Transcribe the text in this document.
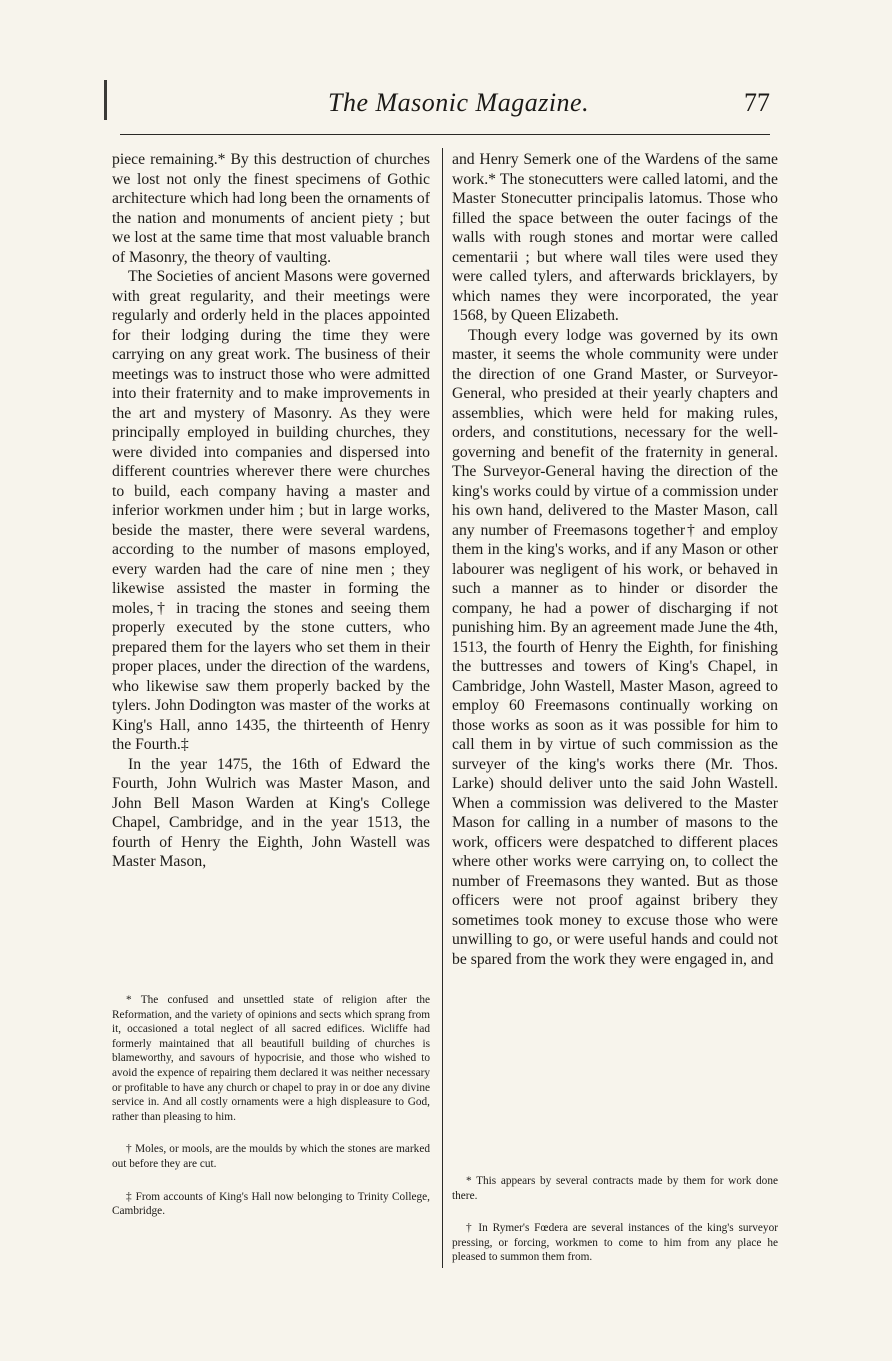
The Masonic Magazine.	77

piece remaining.* By this destruction of churches we lost not only the finest specimens of Gothic architecture which had long been the ornaments of the nation and monuments of ancient piety ; but we lost at the same time that most valuable branch of Masonry, the theory of vaulting.

The Societies of ancient Masons were governed with great regularity, and their meetings were regularly and orderly held in the places appointed for their lodging during the time they were carrying on any great work. The business of their meetings was to instruct those who were admitted into their fraternity and to make improvements in the art and mystery of Masonry. As they were principally employed in building churches, they were divided into companies and dispersed into different countries wherever there were churches to build, each company having a master and inferior workmen under him ; but in large works, beside the master, there were several wardens, according to the number of masons employed, every warden had the care of nine men ; they likewise assisted the master in forming the moles,† in tracing the stones and seeing them properly executed by the stone cutters, who prepared them for the layers who set them in their proper places, under the direction of the wardens, who likewise saw them properly backed by the tylers. John Dodington was master of the works at King's Hall, anno 1435, the thirteenth of Henry the Fourth.‡

In the year 1475, the 16th of Edward the Fourth, John Wulrich was Master Mason, and John Bell Mason Warden at King's College Chapel, Cambridge, and in the year 1513, the fourth of Henry the Eighth, John Wastell was Master Mason,

* The confused and unsettled state of religion after the Reformation, and the variety of opinions and sects which sprang from it, occasioned a total neglect of all sacred edifices. Wicliffe had formerly maintained that all beautifull building of churches is blameworthy, and savours of hypocrisie, and those who wished to avoid the expence of repairing them declared it was neither necessary or profitable to have any church or chapel to pray in or doe any divine service in. And all costly ornaments were a high displeasure to God, rather than pleasing to him.

† Moles, or mools, are the moulds by which the stones are marked out before they are cut.

‡ From accounts of King's Hall now belonging to Trinity College, Cambridge.

and Henry Semerk one of the Wardens of the same work.* The stonecutters were called latomi, and the Master Stonecutter principalis latomus. Those who filled the space between the outer facings of the walls with rough stones and mortar were called cementarii ; but where wall tiles were used they were called tylers, and afterwards bricklayers, by which names they were incorporated, the year 1568, by Queen Elizabeth.

Though every lodge was governed by its own master, it seems the whole community were under the direction of one Grand Master, or Surveyor-General, who presided at their yearly chapters and assemblies, which were held for making rules, orders, and constitutions, necessary for the well-governing and benefit of the fraternity in general. The Surveyor-General having the direction of the king's works could by virtue of a commission under his own hand, delivered to the Master Mason, call any number of Freemasons together† and employ them in the king's works, and if any Mason or other labourer was negligent of his work, or behaved in such a manner as to hinder or disorder the company, he had a power of discharging if not punishing him. By an agreement made June the 4th, 1513, the fourth of Henry the Eighth, for finishing the buttresses and towers of King's Chapel, in Cambridge, John Wastell, Master Mason, agreed to employ 60 Freemasons continually working on those works as soon as it was possible for him to call them in by virtue of such commission as the surveyer of the king's works there (Mr. Thos. Larke) should deliver unto the said John Wastell. When a commission was delivered to the Master Mason for calling in a number of masons to the work, officers were despatched to different places where other works were carrying on, to collect the number of Freemasons they wanted. But as those officers were not proof against bribery they sometimes took money to excuse those who were unwilling to go, or were useful hands and could not be spared from the work they were engaged in, and

* This appears by several contracts made by them for work done there.

† In Rymer's Fœdera are several instances of the king's surveyor pressing, or forcing, workmen to come to him from any place he pleased to summon them from.
